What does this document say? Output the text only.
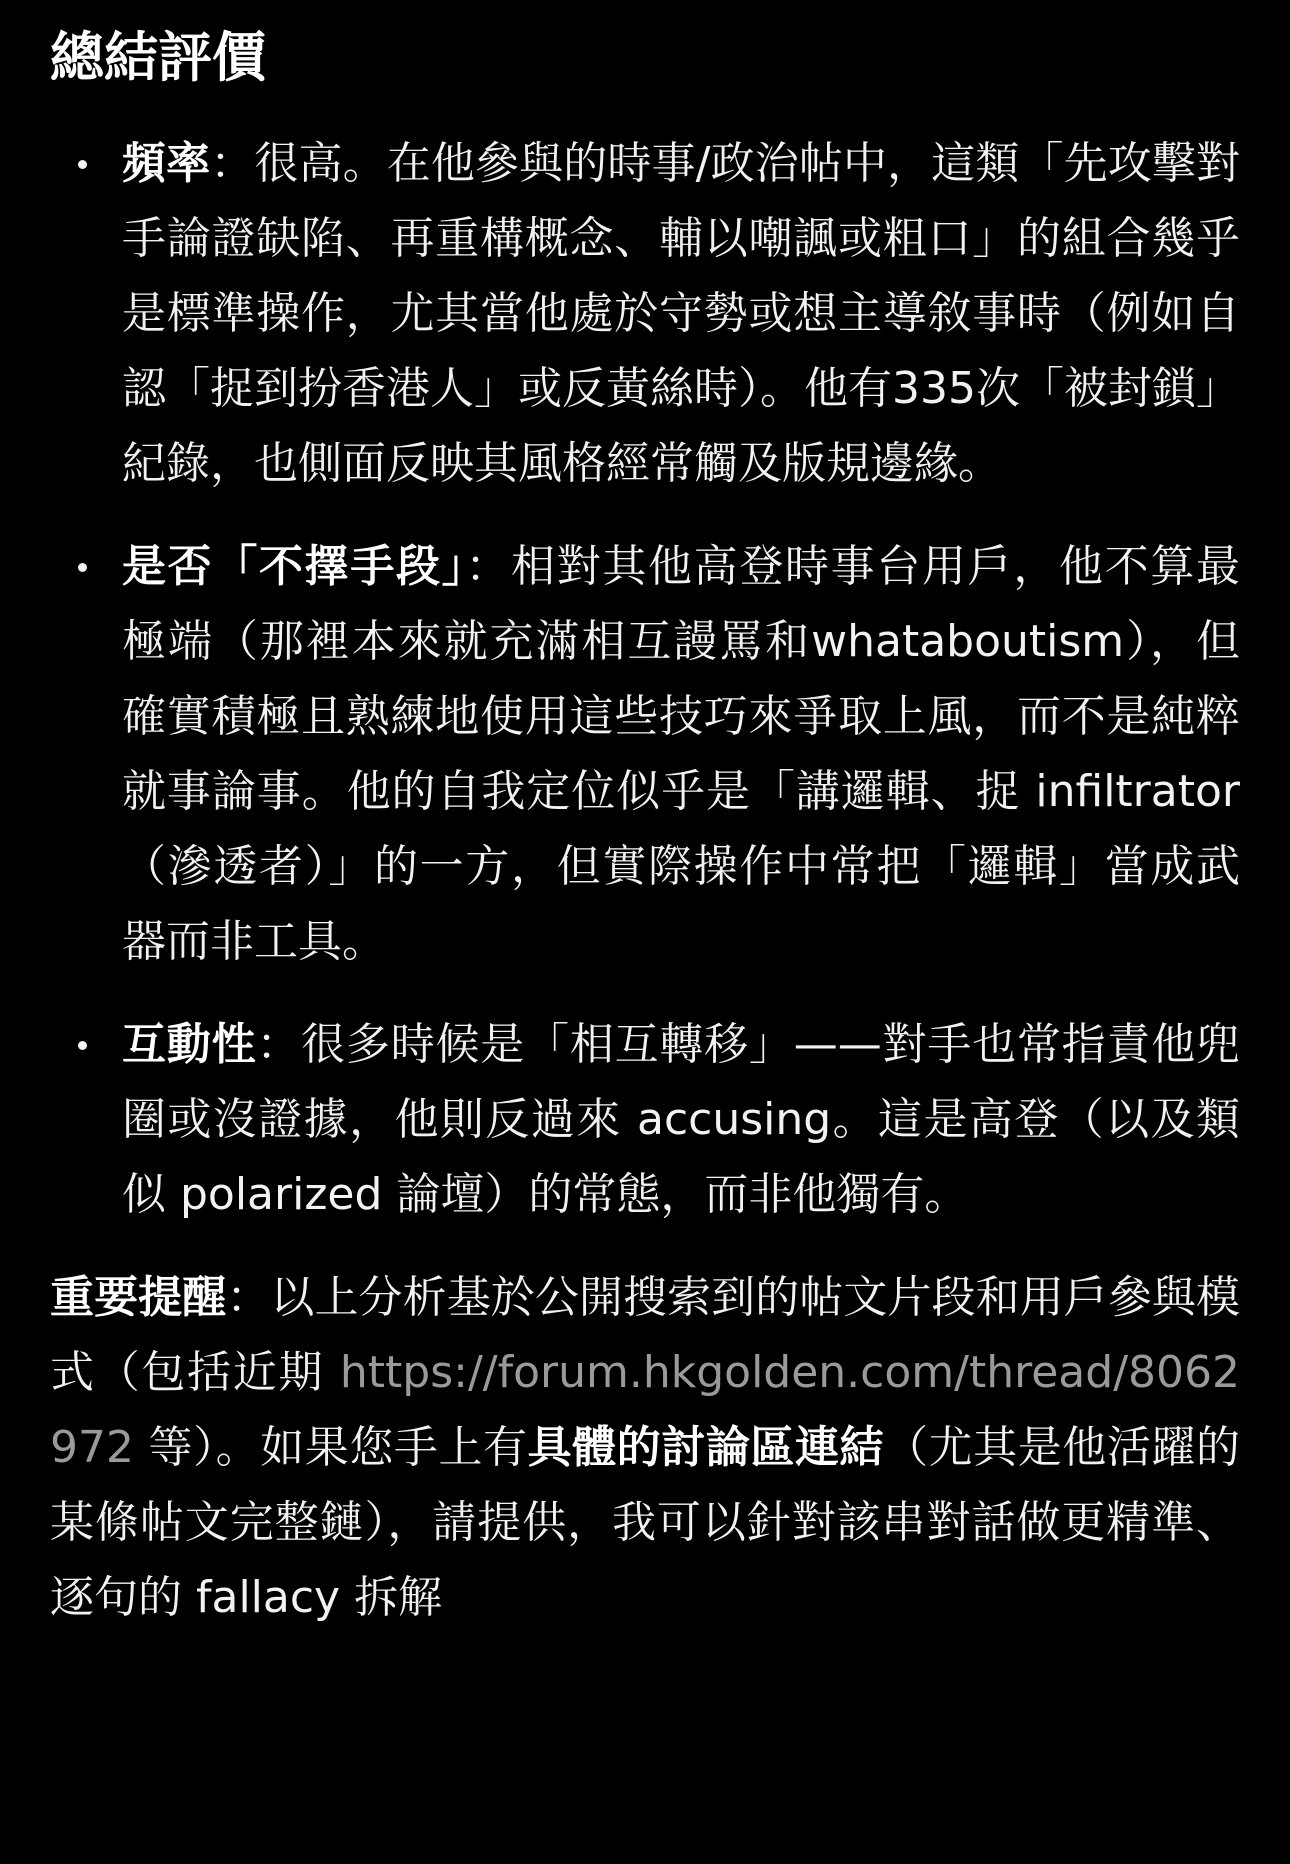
總結評價
頻率：很高。在他參與的時事/政治帖中，這類「先攻擊對手論證缺陷、再重構概念、輔以嘲諷或粗口」的組合幾乎是標準操作，尤其當他處於守勢或想主導敘事時（例如自認「捉到扮香港人」或反黃絲時）。他有335次「被封鎖」紀錄，也側面反映其風格經常觸及版規邊緣。
是否「不擇手段」：相對其他高登時事台用戶，他不算最極端（那裡本來就充滿相互謾罵和whataboutism），但確實積極且熟練地使用這些技巧來爭取上風，而不是純粹就事論事。他的自我定位似乎是「講邏輯、捉 infiltrator（滲透者）」的一方，但實際操作中常把「邏輯」當成武器而非工具。
互動性：很多時候是「相互轉移」——對手也常指責他兜圈或沒證據，他則反過來 accusing。這是高登（以及類似 polarized 論壇）的常態，而非他獨有。

重要提醒：以上分析基於公開搜索到的帖文片段和用戶參與模式（包括近期 https://forum.hkgolden.com/thread/8062972 等）。如果您手上有具體的討論區連結（尤其是他活躍的某條帖文完整鏈），請提供，我可以針對該串對話做更精準、逐句的 fallacy 拆解
